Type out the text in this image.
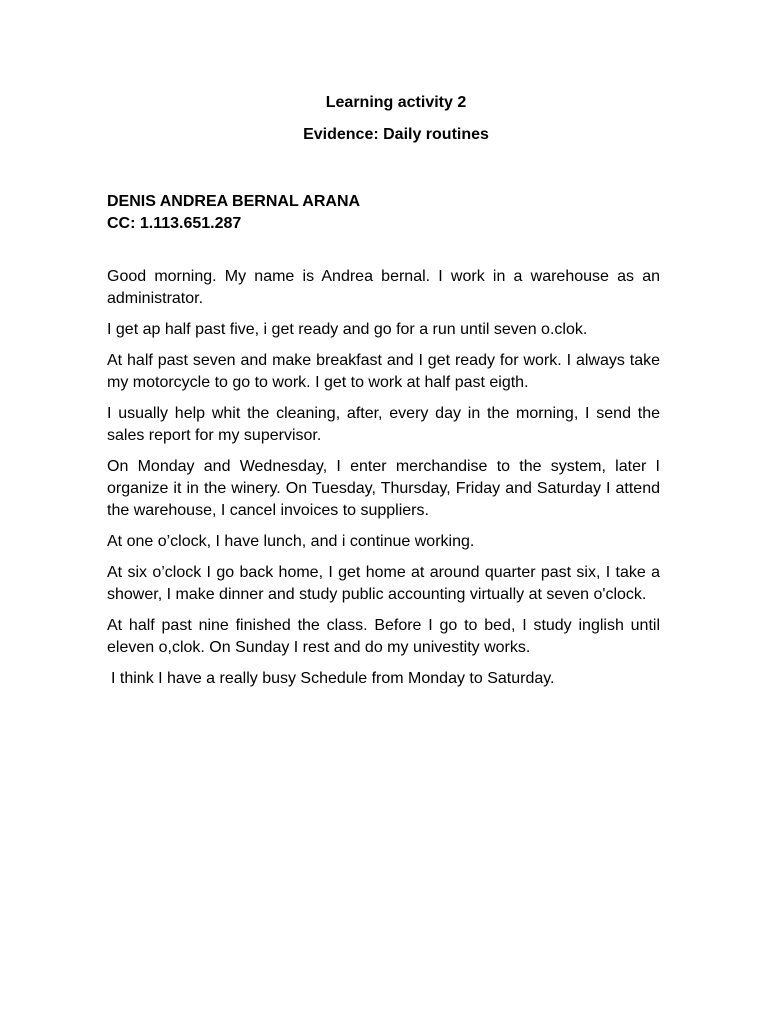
Learning activity 2
Evidence: Daily routines
DENIS ANDREA BERNAL ARANA
CC: 1.113.651.287

Good morning. My name is Andrea bernal. I work in a warehouse as an administrator.

I get ap half past five, i get ready and go for a run until seven o.clok.

At half past seven and make breakfast and I get ready for work. I always take my motorcycle to go to work. I get to work at half past eigth.

I usually help whit the cleaning, after, every day in the morning, I send the sales report for my supervisor.

On Monday and Wednesday, I enter merchandise to the system, later I organize it in the winery. On Tuesday, Thursday, Friday and Saturday I attend the warehouse, I cancel invoices to suppliers.

At one o’clock, I have lunch, and i continue working.

At six o’clock I go back home, I get home at around quarter past six, I take a shower, I make dinner and study public accounting virtually at seven o'clock.

At half past nine finished the class. Before I go to bed, I study inglish until eleven o,clok. On Sunday I rest and do my univestity works.

I think I have a really busy Schedule from Monday to Saturday.
